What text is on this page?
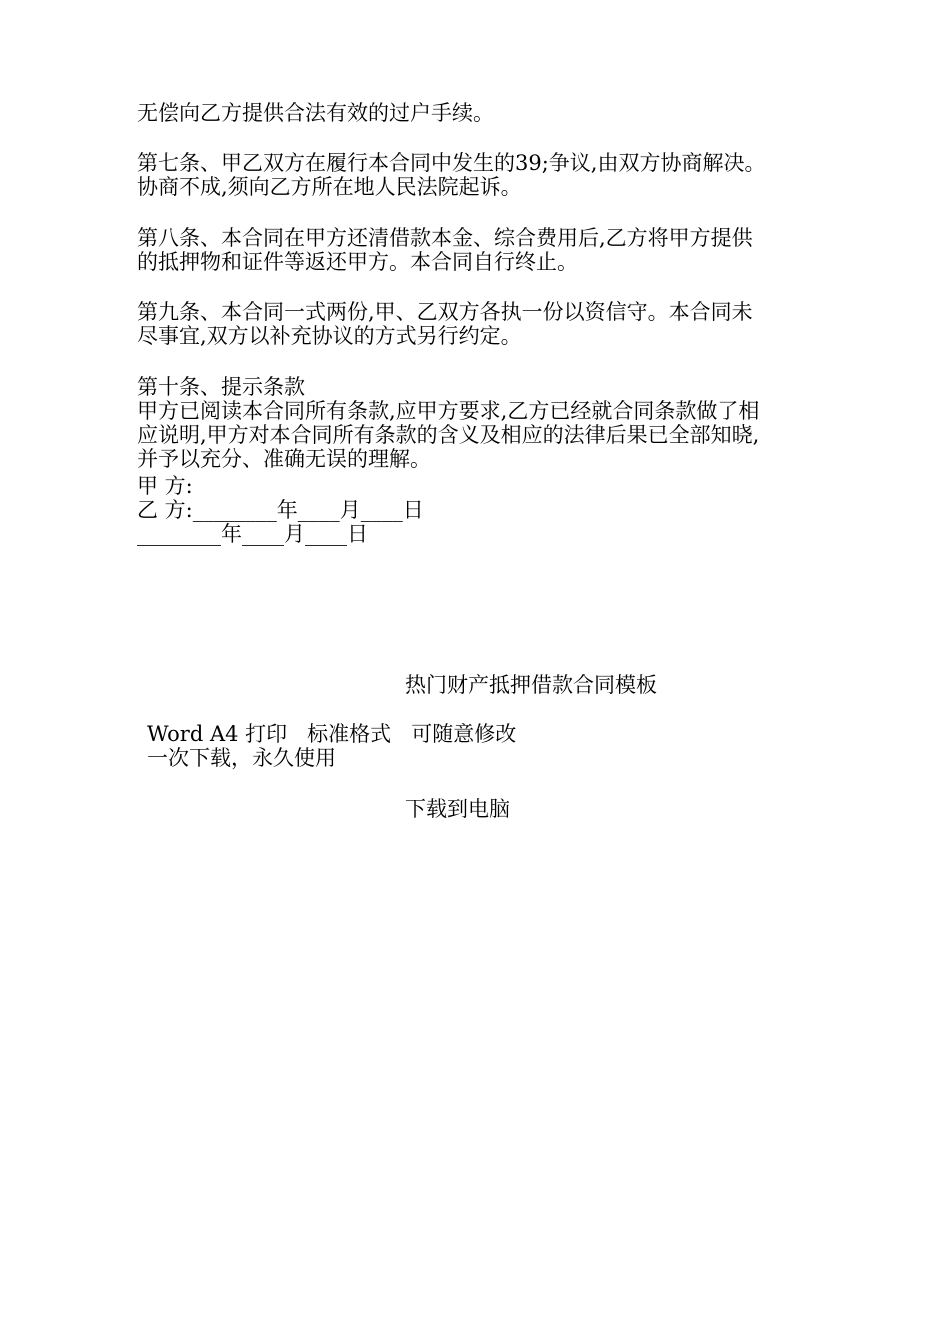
无偿向乙方提供合法有效的过户手续。

第七条、甲乙双方在履行本合同中发生的39;争议,由双方协商解决。

协商不成,须向乙方所在地人民法院起诉。

第八条、本合同在甲方还清借款本金、综合费用后,乙方将甲方提供

的抵押物和证件等返还甲方。本合同自行终止。

第九条、本合同一式两份,甲、乙双方各执一份以资信守。本合同未

尽事宜,双方以补充协议的方式另行约定。

第十条、提示条款

甲方已阅读本合同所有条款,应甲方要求,乙方已经就合同条款做了相

应说明,甲方对本合同所有条款的含义及相应的法律后果已全部知晓,

并予以充分、准确无误的理解。

甲 方:

乙 方:________年____月____日

________年____月____日

热门财产抵押借款合同模板

Word A4 打印   标准格式   可随意修改

一次下载，永久使用

下载到电脑
